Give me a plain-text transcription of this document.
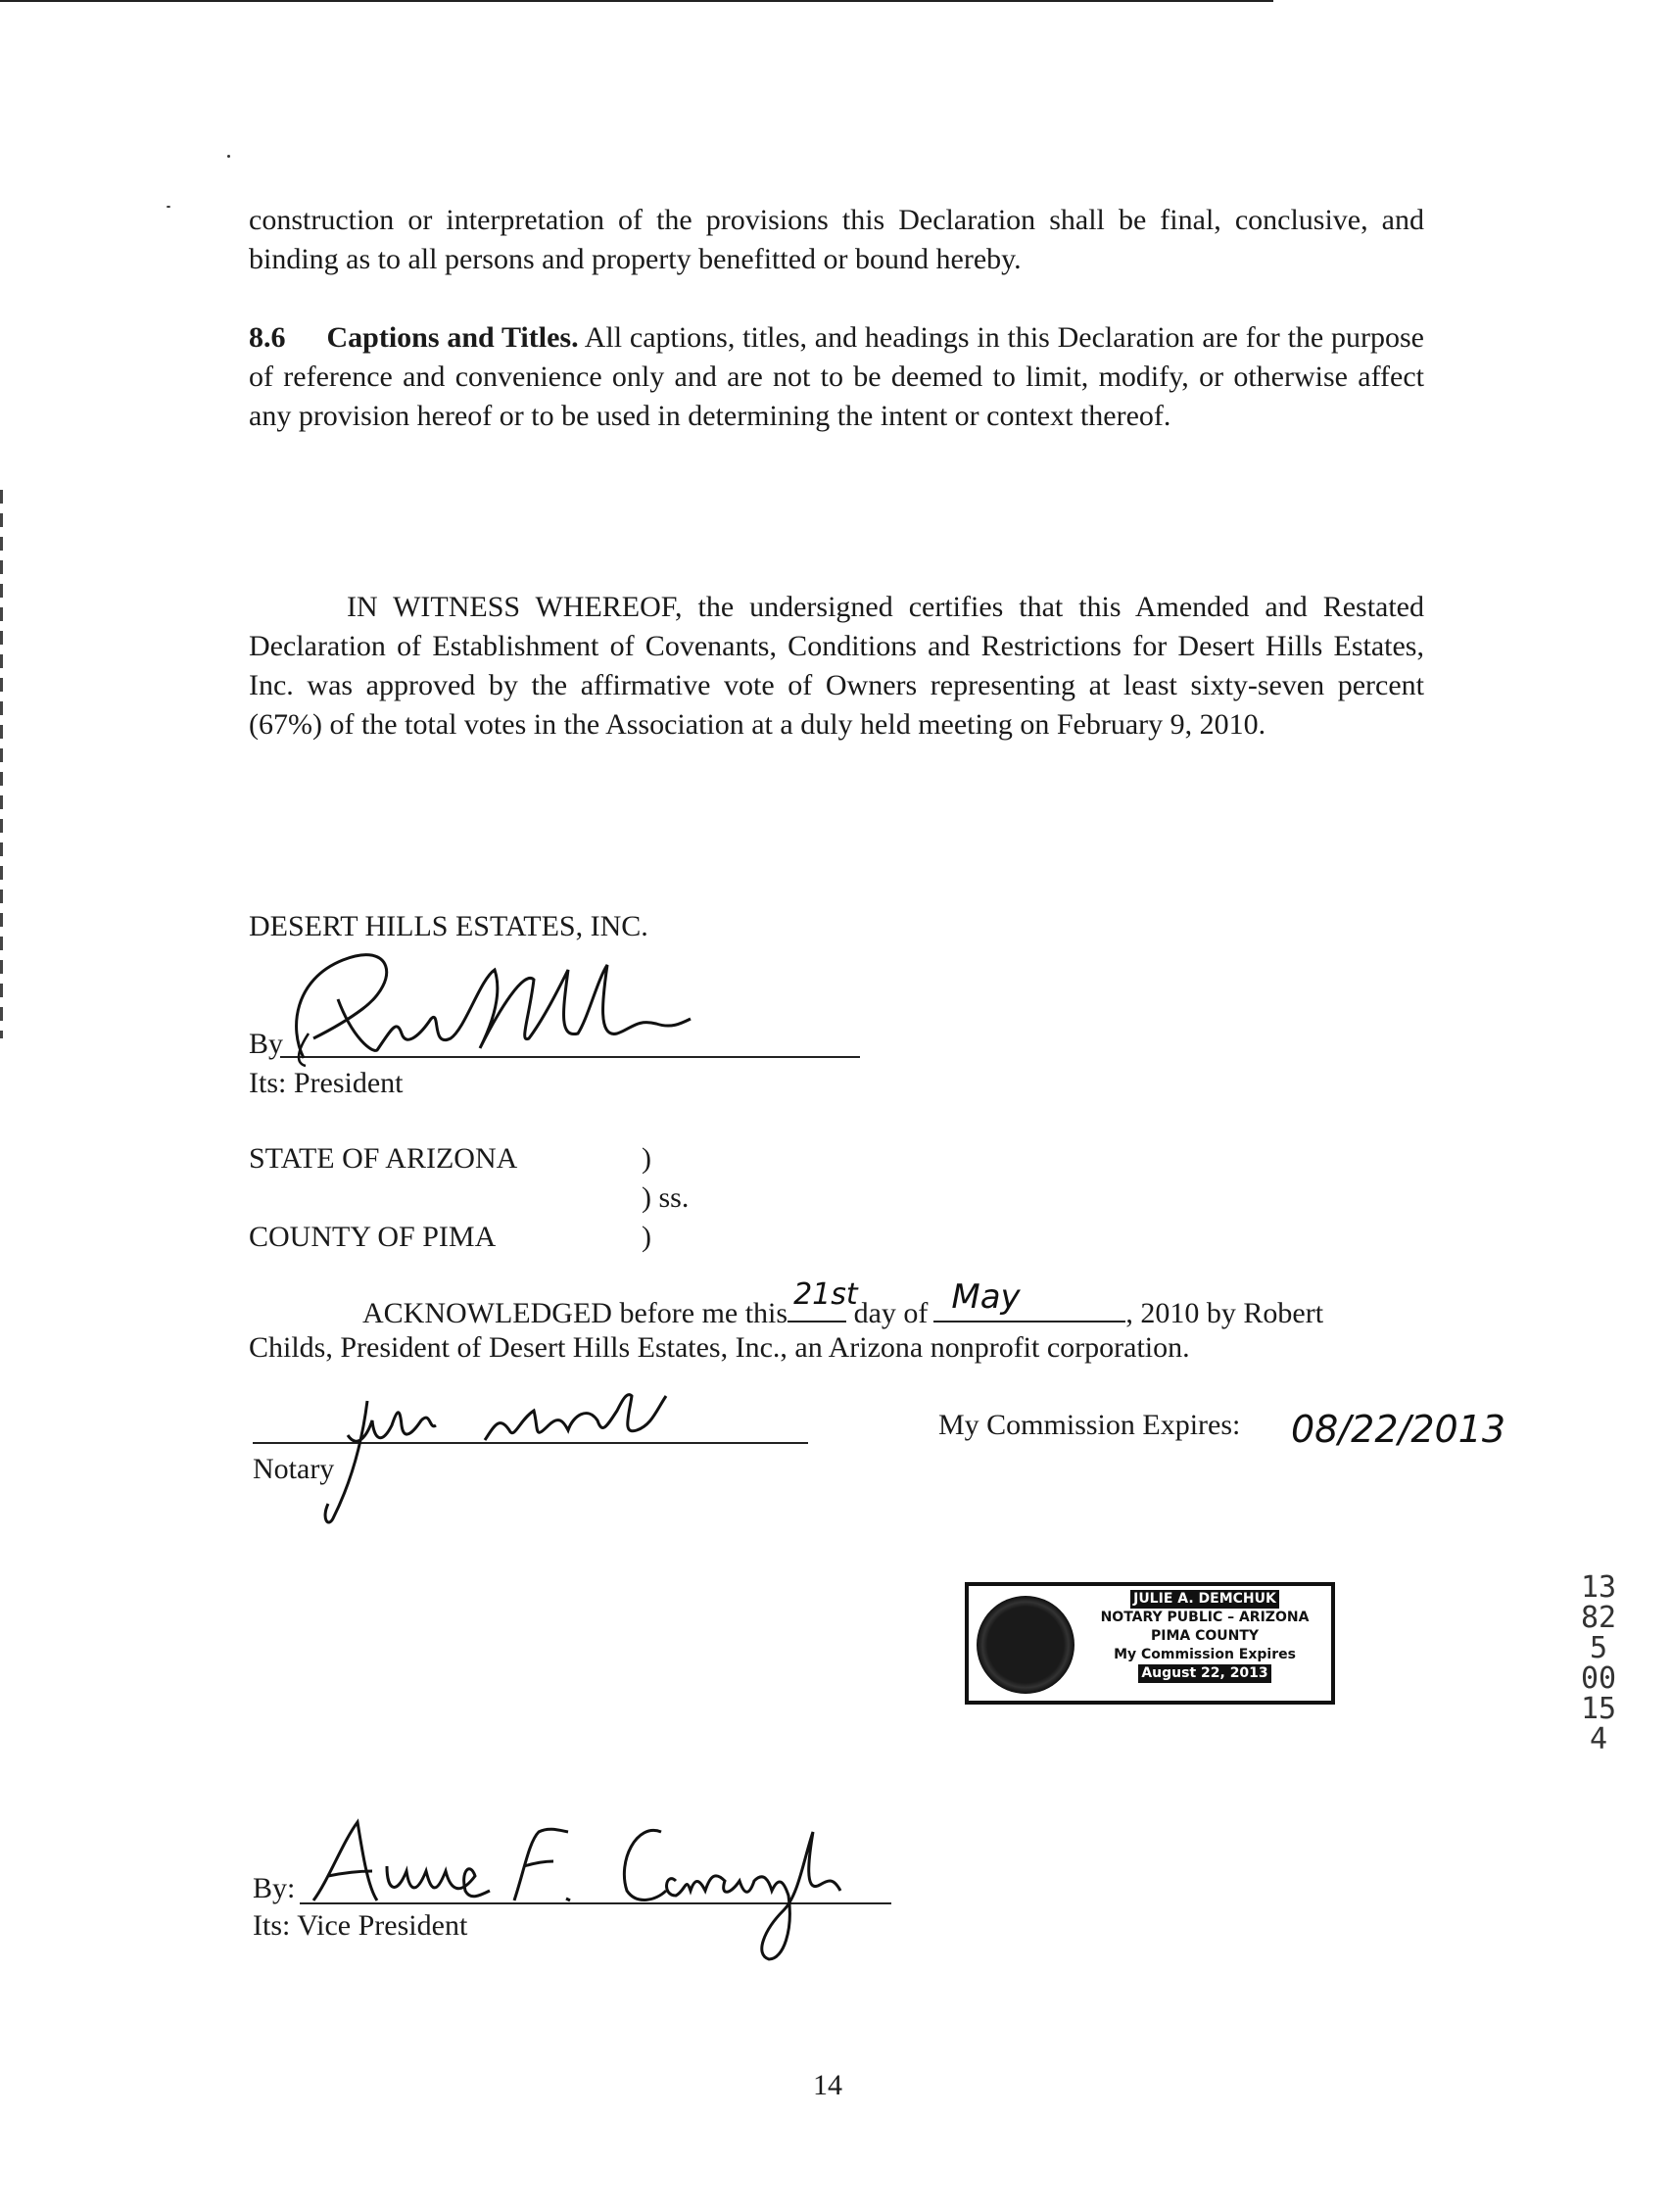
construction or interpretation of the provisions this Declaration shall be final, conclusive, and binding as to all persons and property benefitted or bound hereby.

8.6 Captions and Titles. All captions, titles, and headings in this Declaration are for the purpose of reference and convenience only and are not to be deemed to limit, modify, or otherwise affect any provision hereof or to be used in determining the intent or context thereof.

IN WITNESS WHEREOF, the undersigned certifies that this Amended and Restated Declaration of Establishment of Covenants, Conditions and Restrictions for Desert Hills Estates, Inc. was approved by the affirmative vote of Owners representing at least sixty-seven percent (67%) of the total votes in the Association at a duly held meeting on February 9, 2010.

DESERT HILLS ESTATES, INC.
By
Its: President
STATE OF ARIZONA	)
) ss.
COUNTY OF PIMA	)
ACKNOWLEDGED before me this
21st
day of May	, 2010 by Robert
Childs, President of Desert Hills Estates, Inc., an Arizona nonprofit corporation.
Notary
My Commission Expires: 08/22/2013
JULIE A. DEMCHUK
NOTARY PUBLIC – ARIZONA
PIMA COUNTY
My Commission Expires
August 22, 2013
13825 00154
By:
Its: Vice President
14
